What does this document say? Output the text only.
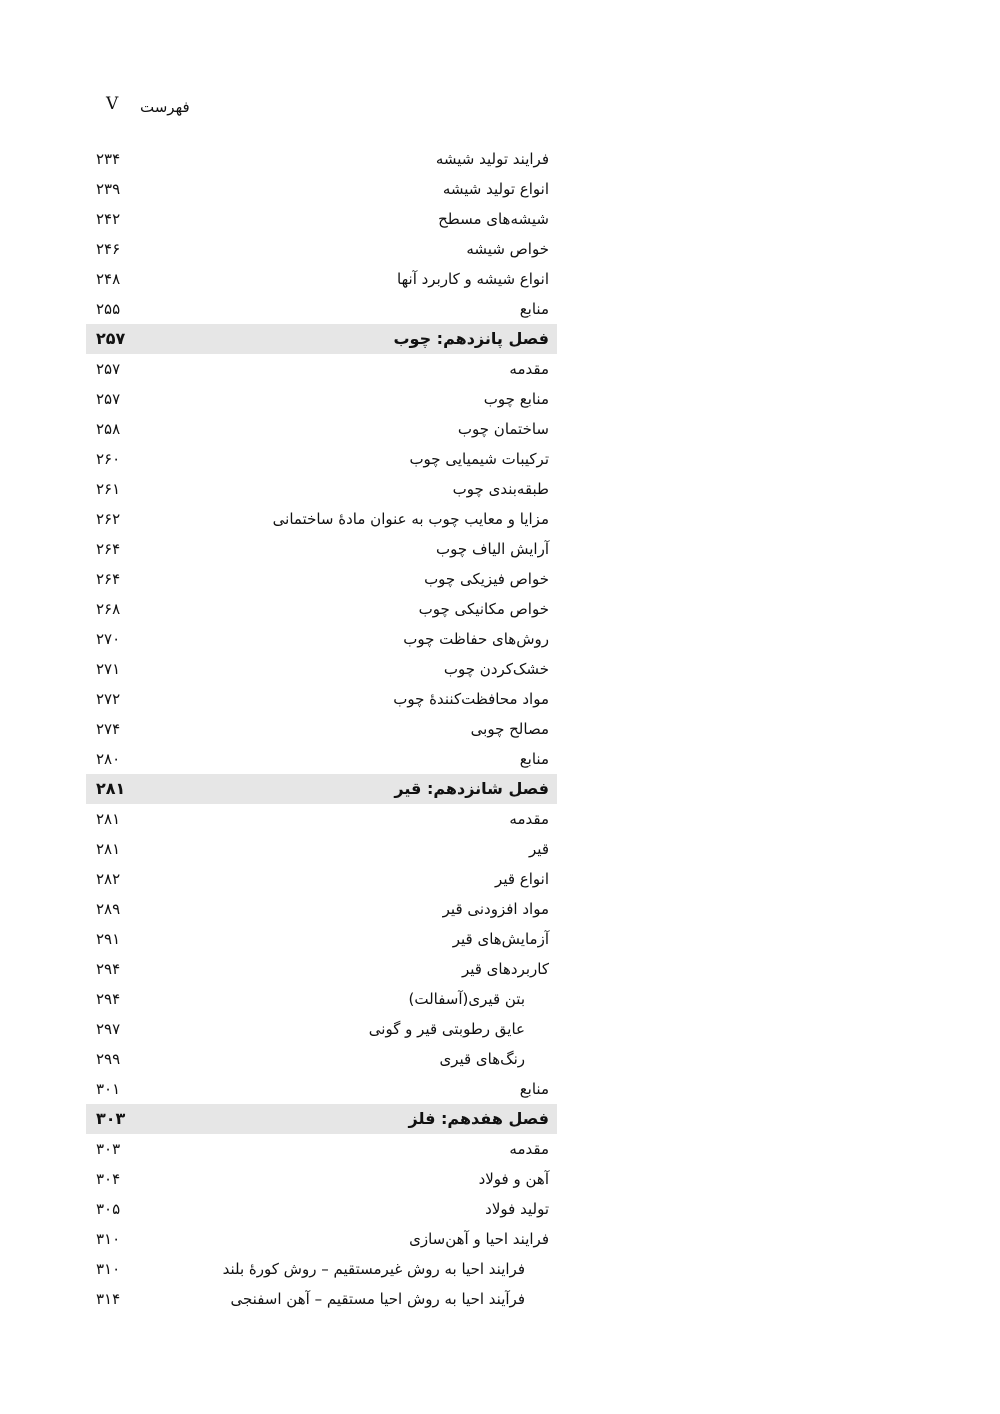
V فهرست
فرایند تولید شیشه
۲۳۴
انواع تولید شیشه
۲۳۹
شیشه‌های مسطح
۲۴۲
خواص شیشه
۲۴۶
انواع شیشه و کاربرد آنها
۲۴۸
منابع
۲۵۵
فصل پانزدهم: چوب
۲۵۷
مقدمه
۲۵۷
منابع چوب
۲۵۷
ساختمان چوب
۲۵۸
ترکیبات شیمیایی چوب
۲۶۰
طبقه‌بندی چوب
۲۶۱
مزایا و معایب چوب به عنوان مادهٔ ساختمانی
۲۶۲
آرایش الیاف چوب
۲۶۴
خواص فیزیکی چوب
۲۶۴
خواص مکانیکی چوب
۲۶۸
روش‌های حفاظت چوب
۲۷۰
خشک‌کردن چوب
۲۷۱
مواد محافظت‌کنندهٔ چوب
۲۷۲
مصالح چوبی
۲۷۴
منابع
۲۸۰
فصل شانزدهم: قیر
۲۸۱
مقدمه
۲۸۱
قیر
۲۸۱
انواع قیر
۲۸۲
مواد افزودنی قیر
۲۸۹
آزمایش‌های قیر
۲۹۱
کاربردهای قیر
۲۹۴
بتن قیری(آسفالت)
۲۹۴
عایق رطوبتی قیر و گونی
۲۹۷
رنگ‌های قیری
۲۹۹
منابع
۳۰۱
فصل هفدهم: فلز
۳۰۳
مقدمه
۳۰۳
آهن و فولاد
۳۰۴
تولید فولاد
۳۰۵
فرایند احیا و آهن‌سازی
۳۱۰
فرایند احیا به روش غیرمستقیم – روش کورهٔ بلند
۳۱۰
فرآیند احیا به روش احیا مستقیم – آهن اسفنجی
۳۱۴
